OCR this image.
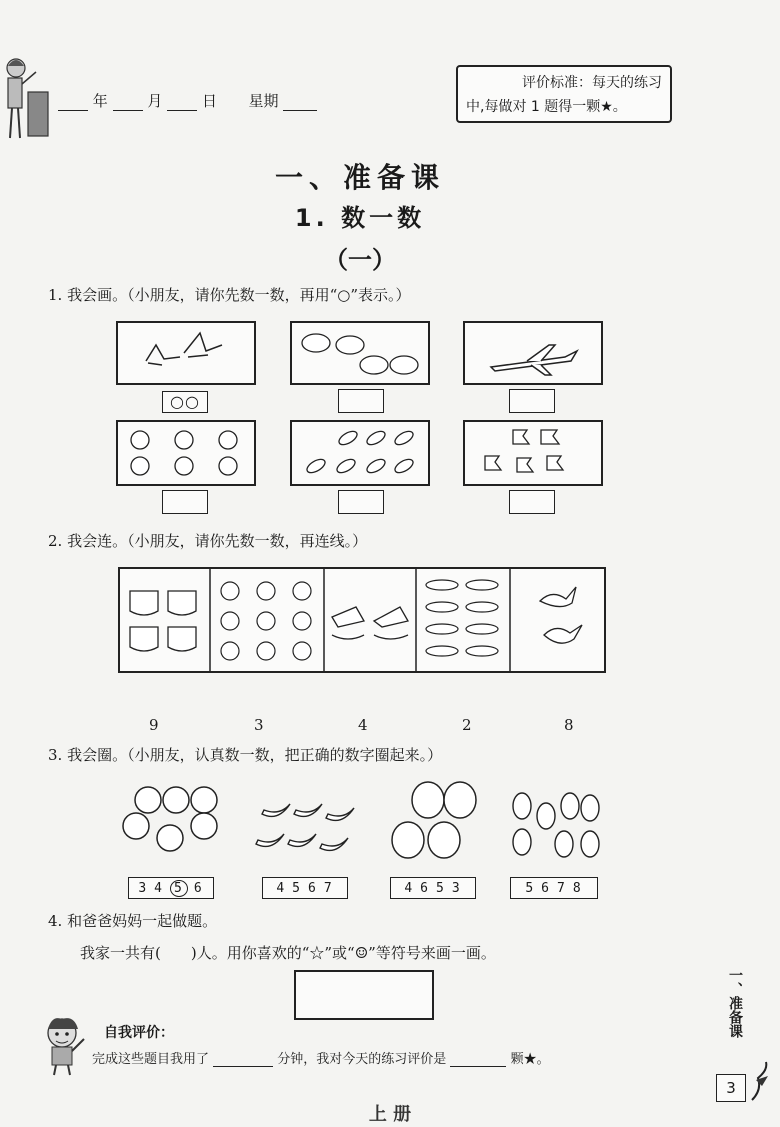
年	月	日 星期
评价标准：每天的练习
中,每做对 1 题得一颗★。
一、准备课
1. 数一数
（一）
1. 我会画。（小朋友，请你先数一数，再用“○”表示。）
○○
2. 我会连。（小朋友，请你先数一数，再连线。）
9	3	4	2	8
3. 我会圈。（小朋友，认真数一数，把正确的数字圈起来。）
3 4 5 6	4 5 6 7	4 6 5 3	5 6 7 8
4. 和爸爸妈妈一起做题。
我家一共有(　　)人。用你喜欢的“☆”或“☺”等符号来画一画。
自我评价：
完成这些题目我用了	分钟，我对今天的练习评价是	颗★。
一、准备课
3
上 册
